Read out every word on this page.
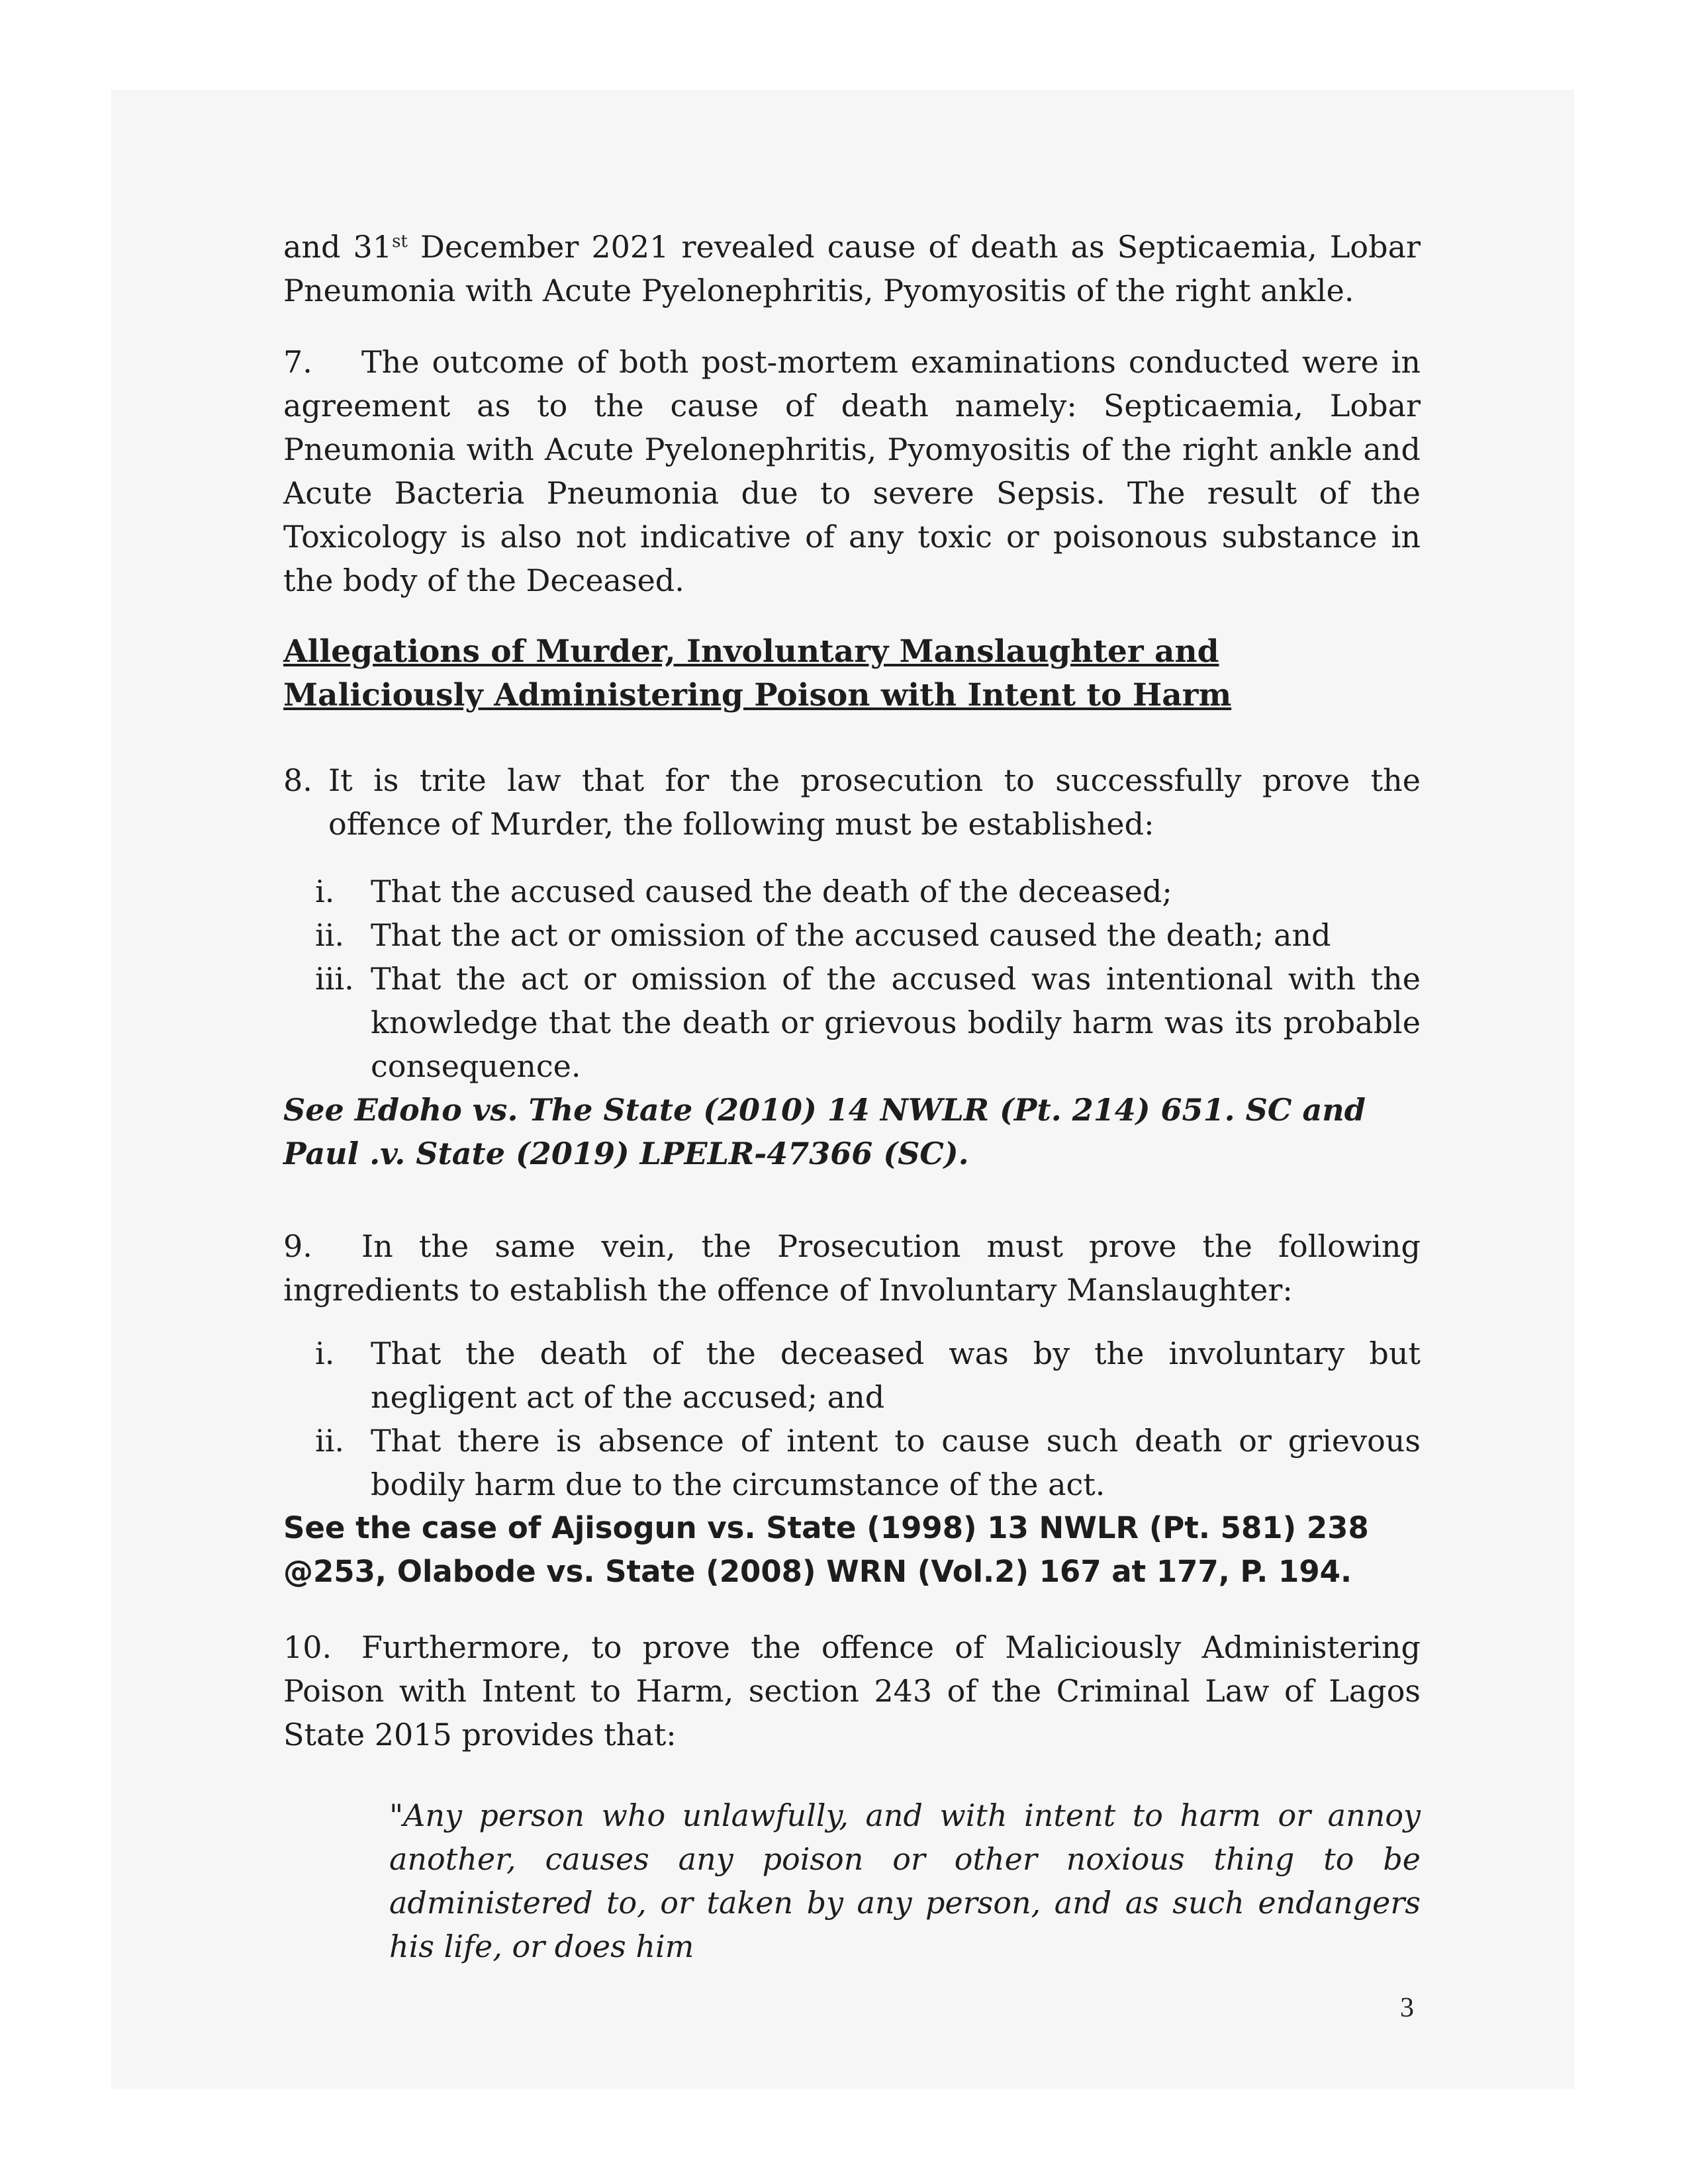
and 31st December 2021 revealed cause of death as Septicaemia, Lobar Pneumonia with Acute Pyelonephritis, Pyomyositis of the right ankle.

7. The outcome of both post-mortem examinations conducted were in agreement as to the cause of death namely: Septicaemia, Lobar Pneumonia with Acute Pyelonephritis, Pyomyositis of the right ankle and Acute Bacteria Pneumonia due to severe Sepsis. The result of the Toxicology is also not indicative of any toxic or poisonous substance in the body of the Deceased.

Allegations of Murder, Involuntary Manslaughter and Maliciously Administering Poison with Intent to Harm

8. It is trite law that for the prosecution to successfully prove the offence of Murder, the following must be established:
i. That the accused caused the death of the deceased;
ii. That the act or omission of the accused caused the death; and
iii. That the act or omission of the accused was intentional with the knowledge that the death or grievous bodily harm was its probable consequence.

See Edoho vs. The State (2010) 14 NWLR (Pt. 214) 651. SC and Paul .v. State (2019) LPELR-47366 (SC).

9. In the same vein, the Prosecution must prove the following ingredients to establish the offence of Involuntary Manslaughter:

i. That the death of the deceased was by the involuntary but negligent act of the accused; and
ii. That there is absence of intent to cause such death or grievous bodily harm due to the circumstance of the act.

See the case of Ajisogun vs. State (1998) 13 NWLR (Pt. 581) 238 @253, Olabode vs. State (2008) WRN (Vol.2) 167 at 177, P. 194.

10. Furthermore, to prove the offence of Maliciously Administering Poison with Intent to Harm, section 243 of the Criminal Law of Lagos State 2015 provides that:

"Any person who unlawfully, and with intent to harm or annoy another, causes any poison or other noxious thing to be administered to, or taken by any person, and as such endangers his life, or does him

3
